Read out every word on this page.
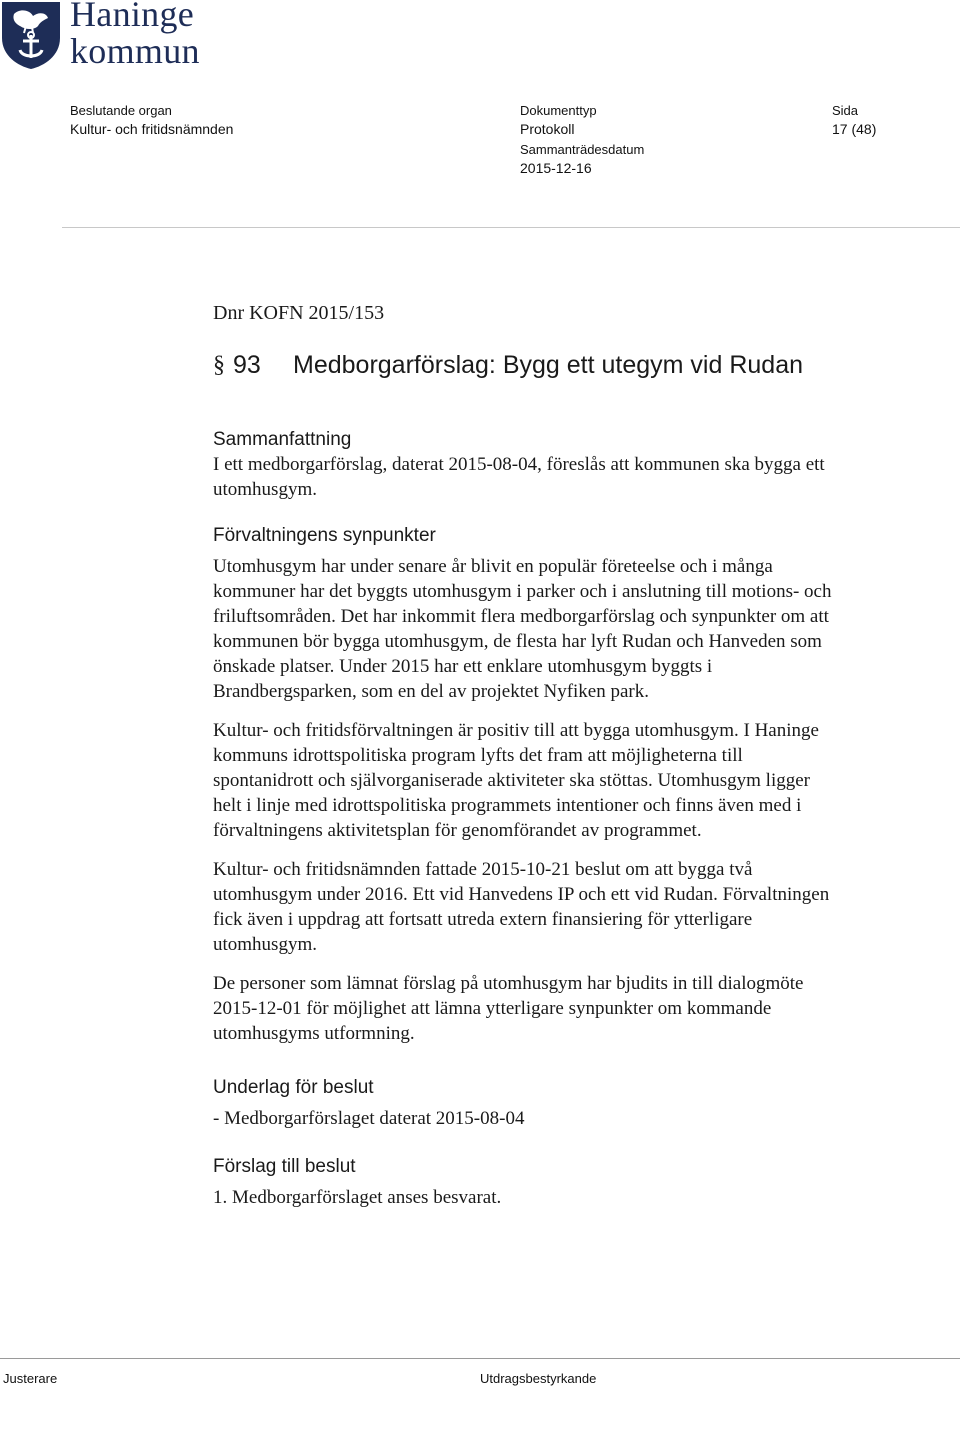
Haninge
kommun
Beslutande organ
Kultur- och fritidsnämnden
Dokumenttyp
Protokoll
Sida
17 (48)
Sammanträdesdatum
2015-12-16

Dnr KOFN 2015/153

§ 93 Medborgarförslag: Bygg ett utegym vid Rudan
Sammanfattning

I ett medborgarförslag, daterat 2015-08-04, föreslås att kommunen ska bygga ett utomhusgym.

Förvaltningens synpunkter

Utomhusgym har under senare år blivit en populär företeelse och i många kommuner har det byggts utomhusgym i parker och i anslutning till motions- och friluftsområden. Det har inkommit flera medborgarförslag och synpunkter om att kommunen bör bygga utomhusgym, de flesta har lyft Rudan och Hanveden som önskade platser. Under 2015 har ett enklare utomhusgym byggts i Brandbergsparken, som en del av projektet Nyfiken park.

Kultur- och fritidsförvaltningen är positiv till att bygga utomhusgym. I Haninge kommuns idrottspolitiska program lyfts det fram att möjligheterna till spontanidrott och självorganiserade aktiviteter ska stöttas. Utomhusgym ligger helt i linje med idrottspolitiska programmets intentioner och finns även med i förvaltningens aktivitetsplan för genomförandet av programmet.

Kultur- och fritidsnämnden fattade 2015-10-21 beslut om att bygga två utomhusgym under 2016. Ett vid Hanvedens IP och ett vid Rudan. Förvaltningen fick även i uppdrag att fortsatt utreda extern finansiering för ytterligare utomhusgym.

De personer som lämnat förslag på utomhusgym har bjudits in till dialogmöte 2015-12-01 för möjlighet att lämna ytterligare synpunkter om kommande utomhusgyms utformning.

Underlag för beslut

- Medborgarförslaget daterat 2015-08-04

Förslag till beslut

1. Medborgarförslaget anses besvarat.

Justerare	Utdragsbestyrkande
